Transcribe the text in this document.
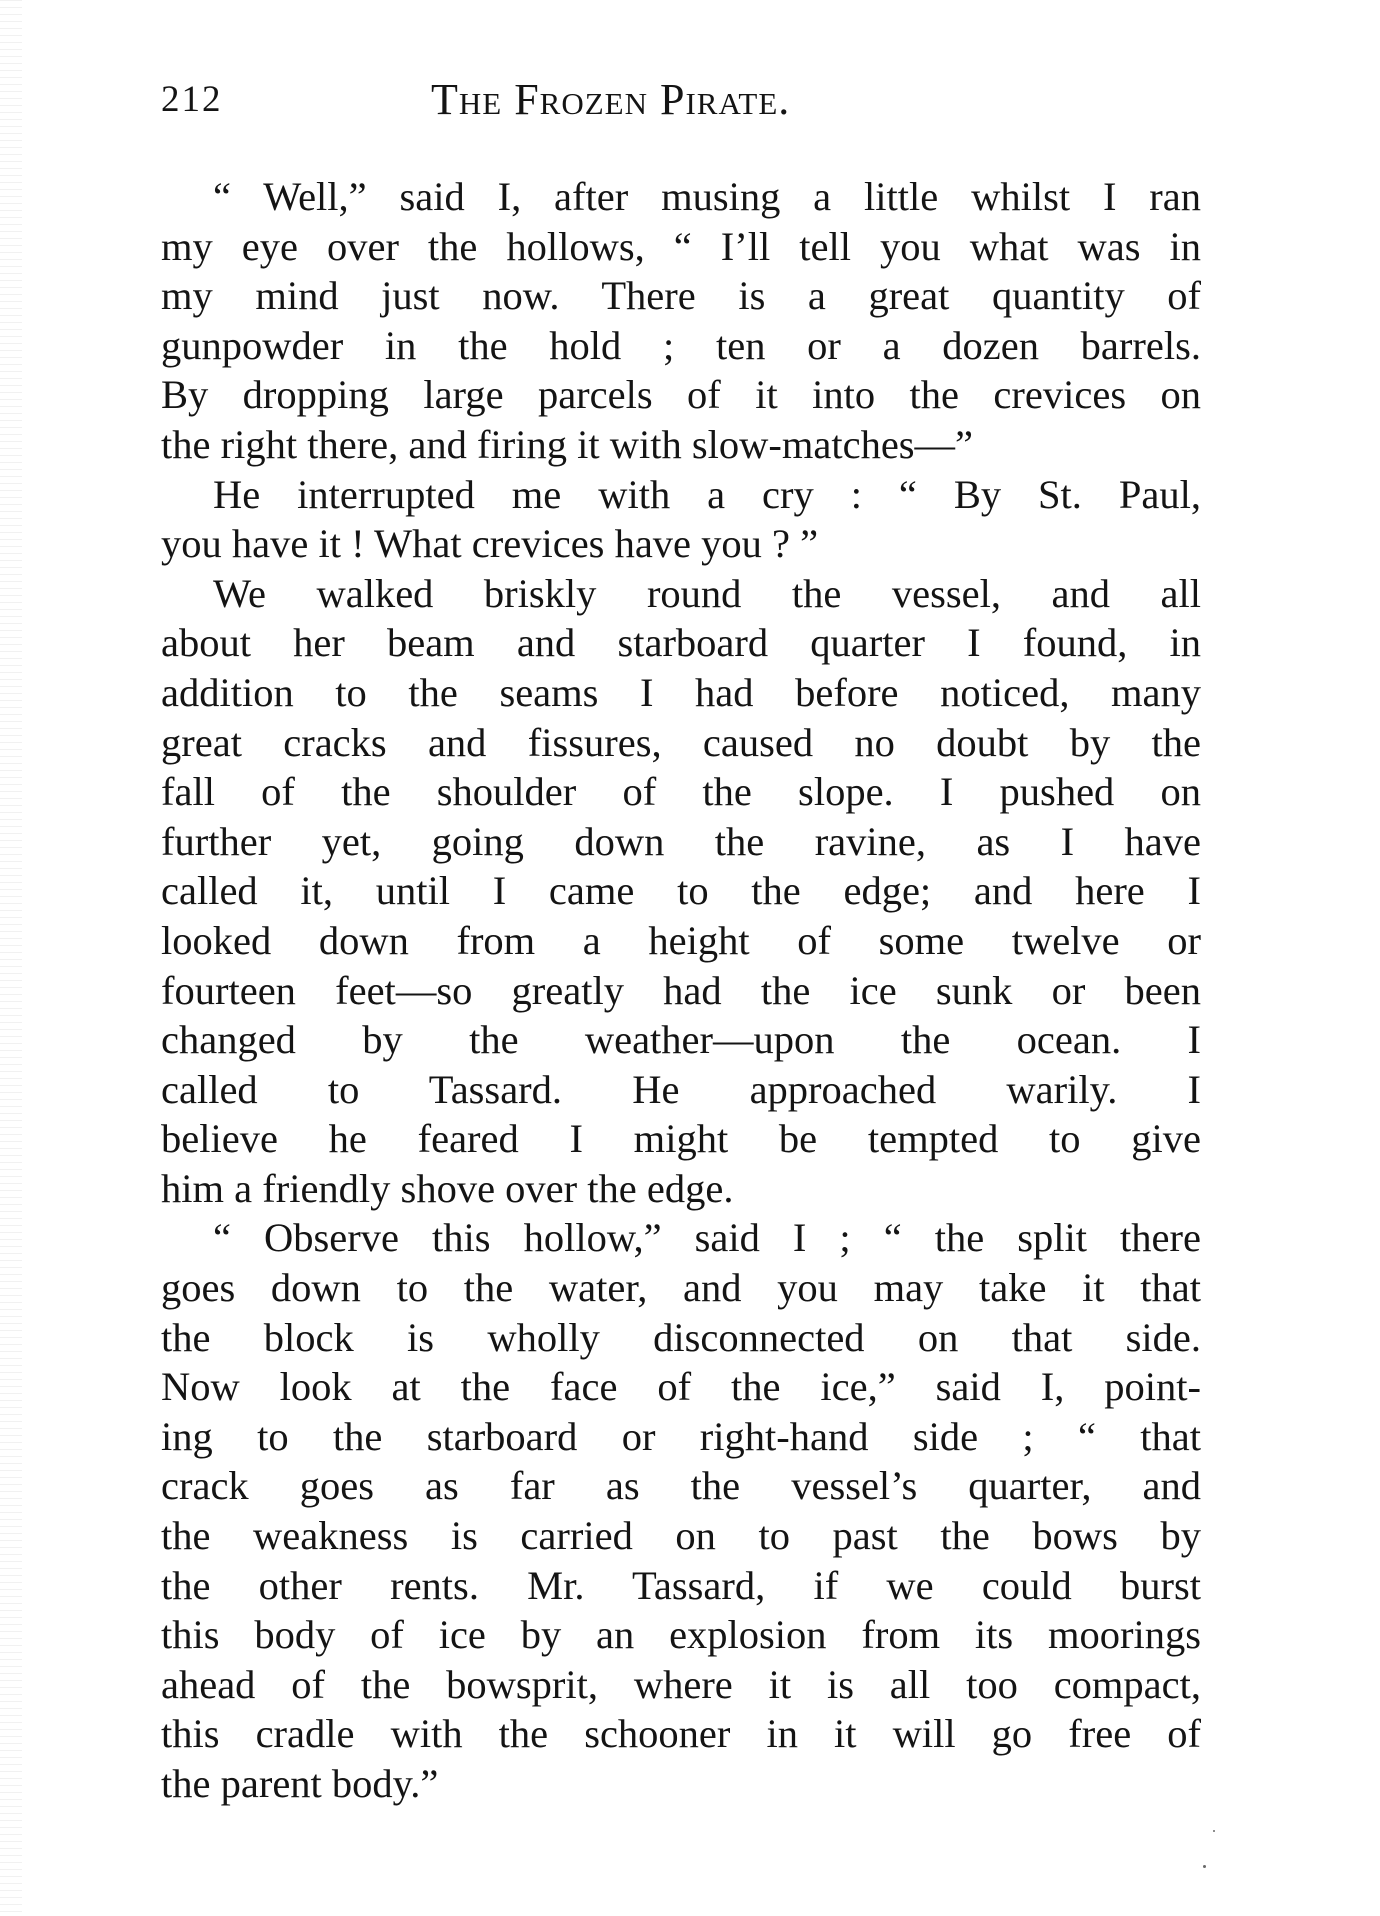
212	The Frozen Pirate.
“ Well,” said I, after musing a little whilst I ran
my eye over the hollows, “ I’ll tell you what was in
my mind just now. There is a great quantity of
gunpowder in the hold ; ten or a dozen barrels.
By dropping large parcels of it into the crevices on
the right there, and firing it with slow-matches—”
He interrupted me with a cry : “ By St. Paul,
you have it ! What crevices have you ? ”
We walked briskly round the vessel, and all
about her beam and starboard quarter I found, in
addition to the seams I had before noticed, many
great cracks and fissures, caused no doubt by the
fall of the shoulder of the slope. I pushed on
further yet, going down the ravine, as I have
called it, until I came to the edge; and here I
looked down from a height of some twelve or
fourteen feet—so greatly had the ice sunk or been
changed by the weather—upon the ocean. I
called to Tassard. He approached warily. I
believe he feared I might be tempted to give
him a friendly shove over the edge.
“ Observe this hollow,” said I ; “ the split there
goes down to the water, and you may take it that
the block is wholly disconnected on that side.
Now look at the face of the ice,” said I, point-
ing to the starboard or right-hand side ; “ that
crack goes as far as the vessel’s quarter, and
the weakness is carried on to past the bows by
the other rents. Mr. Tassard, if we could burst
this body of ice by an explosion from its moorings
ahead of the bowsprit, where it is all too compact,
this cradle with the schooner in it will go free of
the parent body.”
